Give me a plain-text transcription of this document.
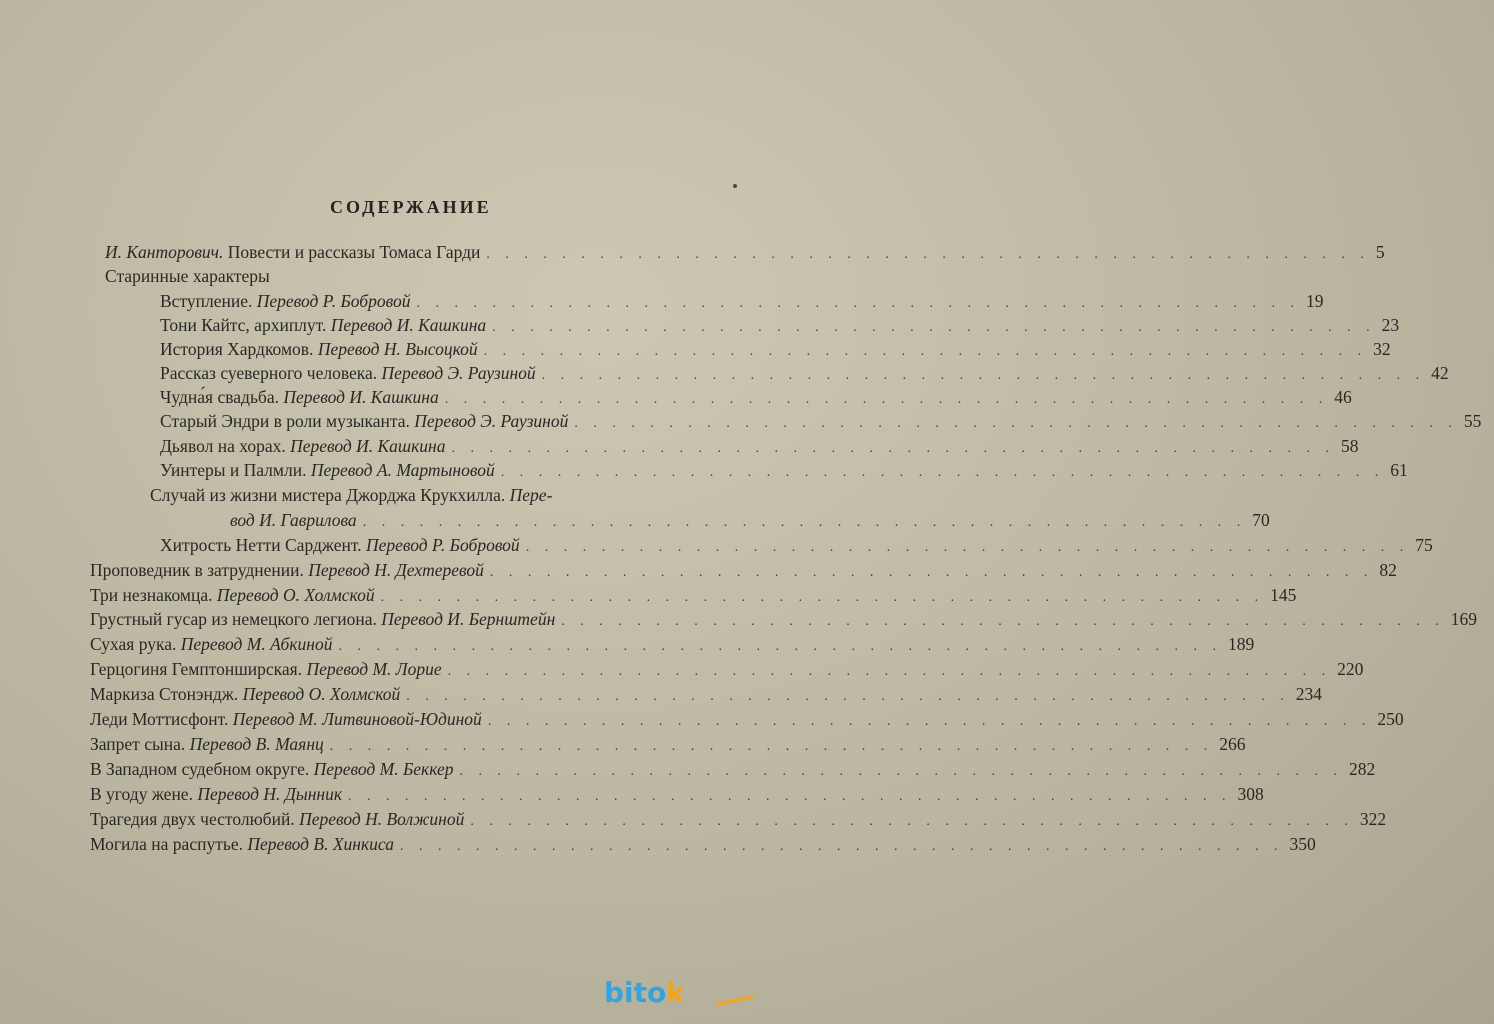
СОДЕРЖАНИЕ
И. Канторович. Повести и рассказы Томаса Гарди . . .	5
Старинные характеры
Вступление. Перевод Р. Бобровой . . .	19
Тони Кайтс, архиплут. Перевод И. Кашкина . . .	23
История Хардкомов. Перевод Н. Высоцкой . . .	32
Рассказ суеверного человека. Перевод Э. Раузиной . . .	42
Чудна́я свадьба. Перевод И. Кашкина . . .	46
Старый Эндри в роли музыканта. Перевод Э. Раузиной . . .	55
Дьявол на хорах. Перевод И. Кашкина . . .	58
Уинтеры и Палмли. Перевод А. Мартыновой . . .	61
Случай из жизни мистера Джорджа Крукхилла. Пере-
вод И. Гаврилова . . .	70
Хитрость Нетти Сарджент. Перевод Р. Бобровой . . .	75
Проповедник в затруднении. Перевод Н. Дехтеревой . . .	82
Три незнакомца. Перевод О. Холмской . . .	145
Грустный гусар из немецкого легиона. Перевод И. Бернштейн . . .	169
Сухая рука. Перевод М. Абкиной . . .	189
Герцогиня Гемптонширская. Перевод М. Лорие . . .	220
Маркиза Стонэндж. Перевод О. Холмской . . .	234
Леди Моттисфонт. Перевод М. Литвиновой-Юдиной . . .	250
Запрет сына. Перевод В. Маянц . . .	266
В Западном судебном округе. Перевод М. Беккер . . .	282
В угоду жене. Перевод Н. Дынник . . .	308
Трагедия двух честолюбий. Перевод Н. Волжиной . . .	322
Могила на распутье. Перевод В. Хинкиса . . .	350
bitok
